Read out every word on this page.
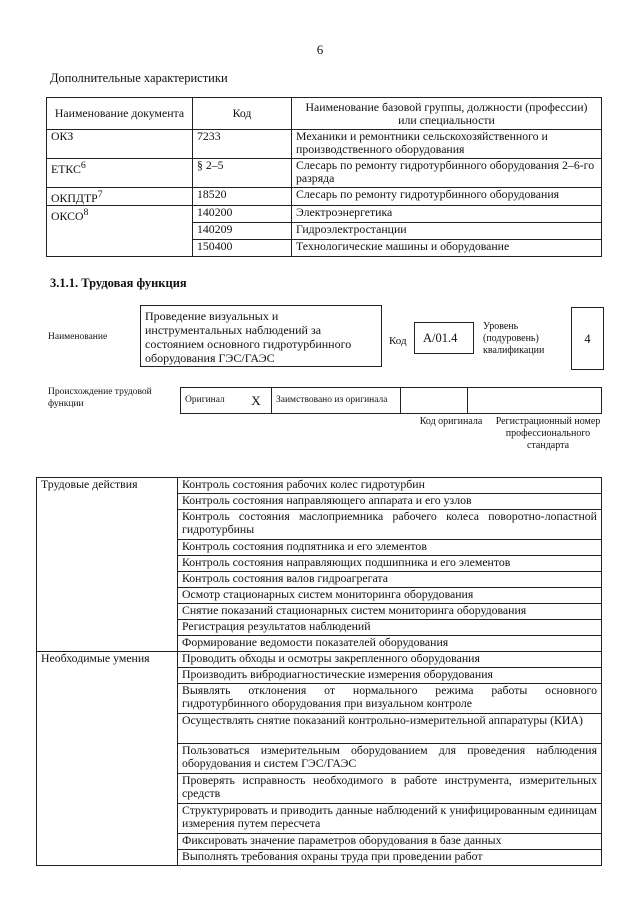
6
Дополнительные характеристики
Наименование документа	Код	Наименование базовой группы, должности (профессии) или специальности
ОКЗ	7233	Механики и ремонтники сельскохозяйственного и производственного оборудования
ЕТКС$^6$	§ 2–5	Слесарь по ремонту гидротурбинного оборудования 2–6-го разряда
ОКПДТР$^7$	18520	Слесарь по ремонту гидротурбинного оборудования
ОКСО$^8$	140200	Электроэнергетика
	140209	Гидроэлектростанции
	150400	Технологические машины и оборудование
3.1.1. Трудовая функция
Наименование
Проведение визуальных и инструментальных наблюдений за состоянием основного гидротурбинного оборудования ГЭС/ГАЭС
Код	А/01.4
Уровень (подуровень) квалификации
4
Происхождение трудовой функции	Оригинал	X	Заимствовано из оригинала		
Код оригинала	Регистрационный номер профессионального стандарта
Трудовые действия	Контроль состояния рабочих колес гидротурбин
	Контроль состояния направляющего аппарата и его узлов
	Контроль состояния маслоприемника рабочего колеса поворотно-лопастной гидротурбины
	Контроль состояния подпятника и его элементов
	Контроль состояния направляющих подшипника и его элементов
	Контроль состояния валов гидроагрегата
	Осмотр стационарных систем мониторинга оборудования
	Снятие показаний стационарных систем мониторинга оборудования
	Регистрация результатов наблюдений
	Формирование ведомости показателей оборудования
Необходимые умения	Проводить обходы и осмотры закрепленного оборудования
	Производить вибродиагностические измерения оборудования
	Выявлять отклонения от нормального режима работы основного гидротурбинного оборудования при визуальном контроле
	Осуществлять снятие показаний контрольно-измерительной аппаратуры (КИА)
	Пользоваться измерительным оборудованием для проведения наблюдения оборудования и систем ГЭС/ГАЭС
	Проверять исправность необходимого в работе инструмента, измерительных средств
	Структурировать и приводить данные наблюдений к унифицированным единицам измерения путем пересчета
	Фиксировать значение параметров оборудования в базе данных
	Выполнять требования охраны труда при проведении работ
